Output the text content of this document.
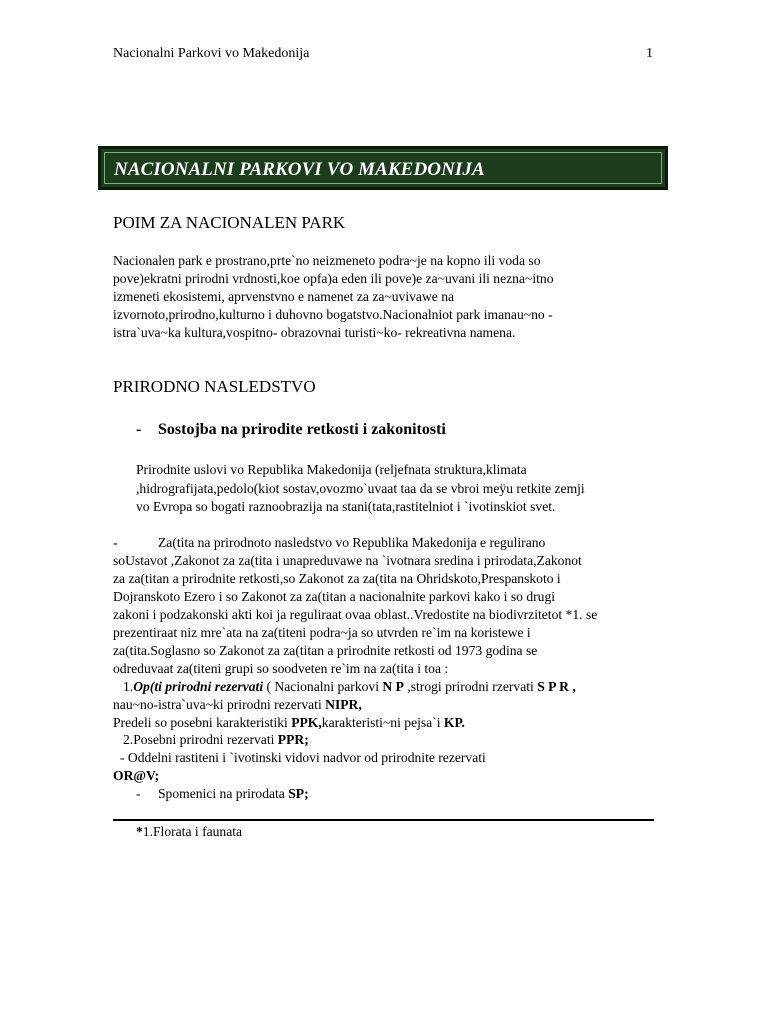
Nacionalni Parkovi vo Makedonija	1
NACIONALNI PARKOVI VO MAKEDONIJA
POIM ZA NACIONALEN PARK
Nacionalen park e prostrano,prte`no neizmeneto podra~je na kopno ili voda so
pove)ekratni prirodni vrdnosti,koe opfa)a eden ili pove)e za~uvani ili nezna~itno
izmeneti ekosistemi, aprvenstvno e namenet za za~uvivawe na
izvornoto,prirodno,kulturno i duhovno bogatstvo.Nacionalniot park imanau~no -
istra`uva~ka kultura,vospitno- obrazovnai turisti~ko- rekreativna namena.
PRIRODNO NASLEDSTVO
- Sostojba na prirodite retkosti i zakonitosti
Prirodnite uslovi vo Republika Makedonija (reljefnata struktura,klimata
,hidrografijata,pedolo(kiot sostav,ovozmo`uvaat taa da se vbroi meÿu retkite zemji
vo Evropa so bogati raznoobrazija na stani(tata,rastitelniot i `ivotinskiot svet.
-	Za(tita na prirodnoto nasledstvo vo Republika Makedonija e regulirano
soUstavot ,Zakonot za za(tita i unapreduvawe na `ivotnara sredina i prirodata,Zakonot
za za(titan a prirodnite retkosti,so Zakonot za za(tita na Ohridskoto,Prespanskoto i
Dojranskoto Ezero i so Zakonot za za(titan a nacionalnite parkovi kako i so drugi
zakoni i podzakonski akti koi ja reguliraat ovaa oblast..Vredostite na biodivrzitetot *1. se
prezentiraat niz mre`ata na za(titeni podra~ja so utvrden re`im na koristewe i
za(tita.Soglasno so Zakonot za za(titan a prirodnite retkosti od 1973 godina se
odreduvaat za(titeni grupi so soodveten re`im na za(tita i toa :
1.Op(ti prirodni rezervati ( Nacionalni parkovi N P ,strogi prirodni rzervati S P R ,
nau~no-istra`uva~ki prirodni rezervati NIPR,
Predeli so posebni karakteristiki PPK,karakteristi~ni pejsa`i KP.
2.Posebni prirodni rezervati PPR;
- Oddelni rastiteni i `ivotinski vidovi nadvor od prirodnite rezervati
OR@V;
- Spomenici na prirodata SP;
*1.Florata i faunata
